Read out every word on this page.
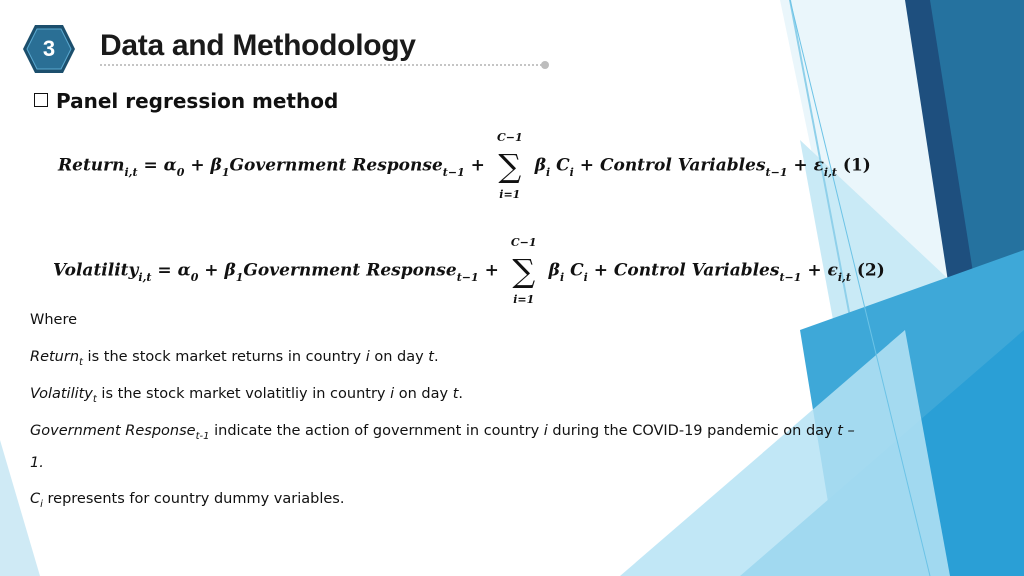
3	Data and Methodology
Panel regression method
Return$_{i,t}$ = $\alpha_0$ + $\beta_1Government$ Response$_{t-1}$ +
C−1
∑
i=1
$\beta_i$ $C_i$ + Control Variables$_{t-1}$ + $\varepsilon_{i,t}$ (1)
Volatility$_{i,t}$ = $\alpha_0$ + $\beta_1Government$ Response$_{t-1}$ +
C−1
∑
i=1
$\beta_i$ $C_i$ + Control Variables$_{t-1}$ + $\epsilon_{i,t}$ (2)
Where
Return$_t$ is the stock market returns in country i on day t.
Volatility$_t$ is the stock market volatitliy in country i on day t.
Government Response$_{t-1}$ indicate the action of government in country i during the COVID-19 pandemic on day t –
1.
$C_i$ represents for country dummy variables.
